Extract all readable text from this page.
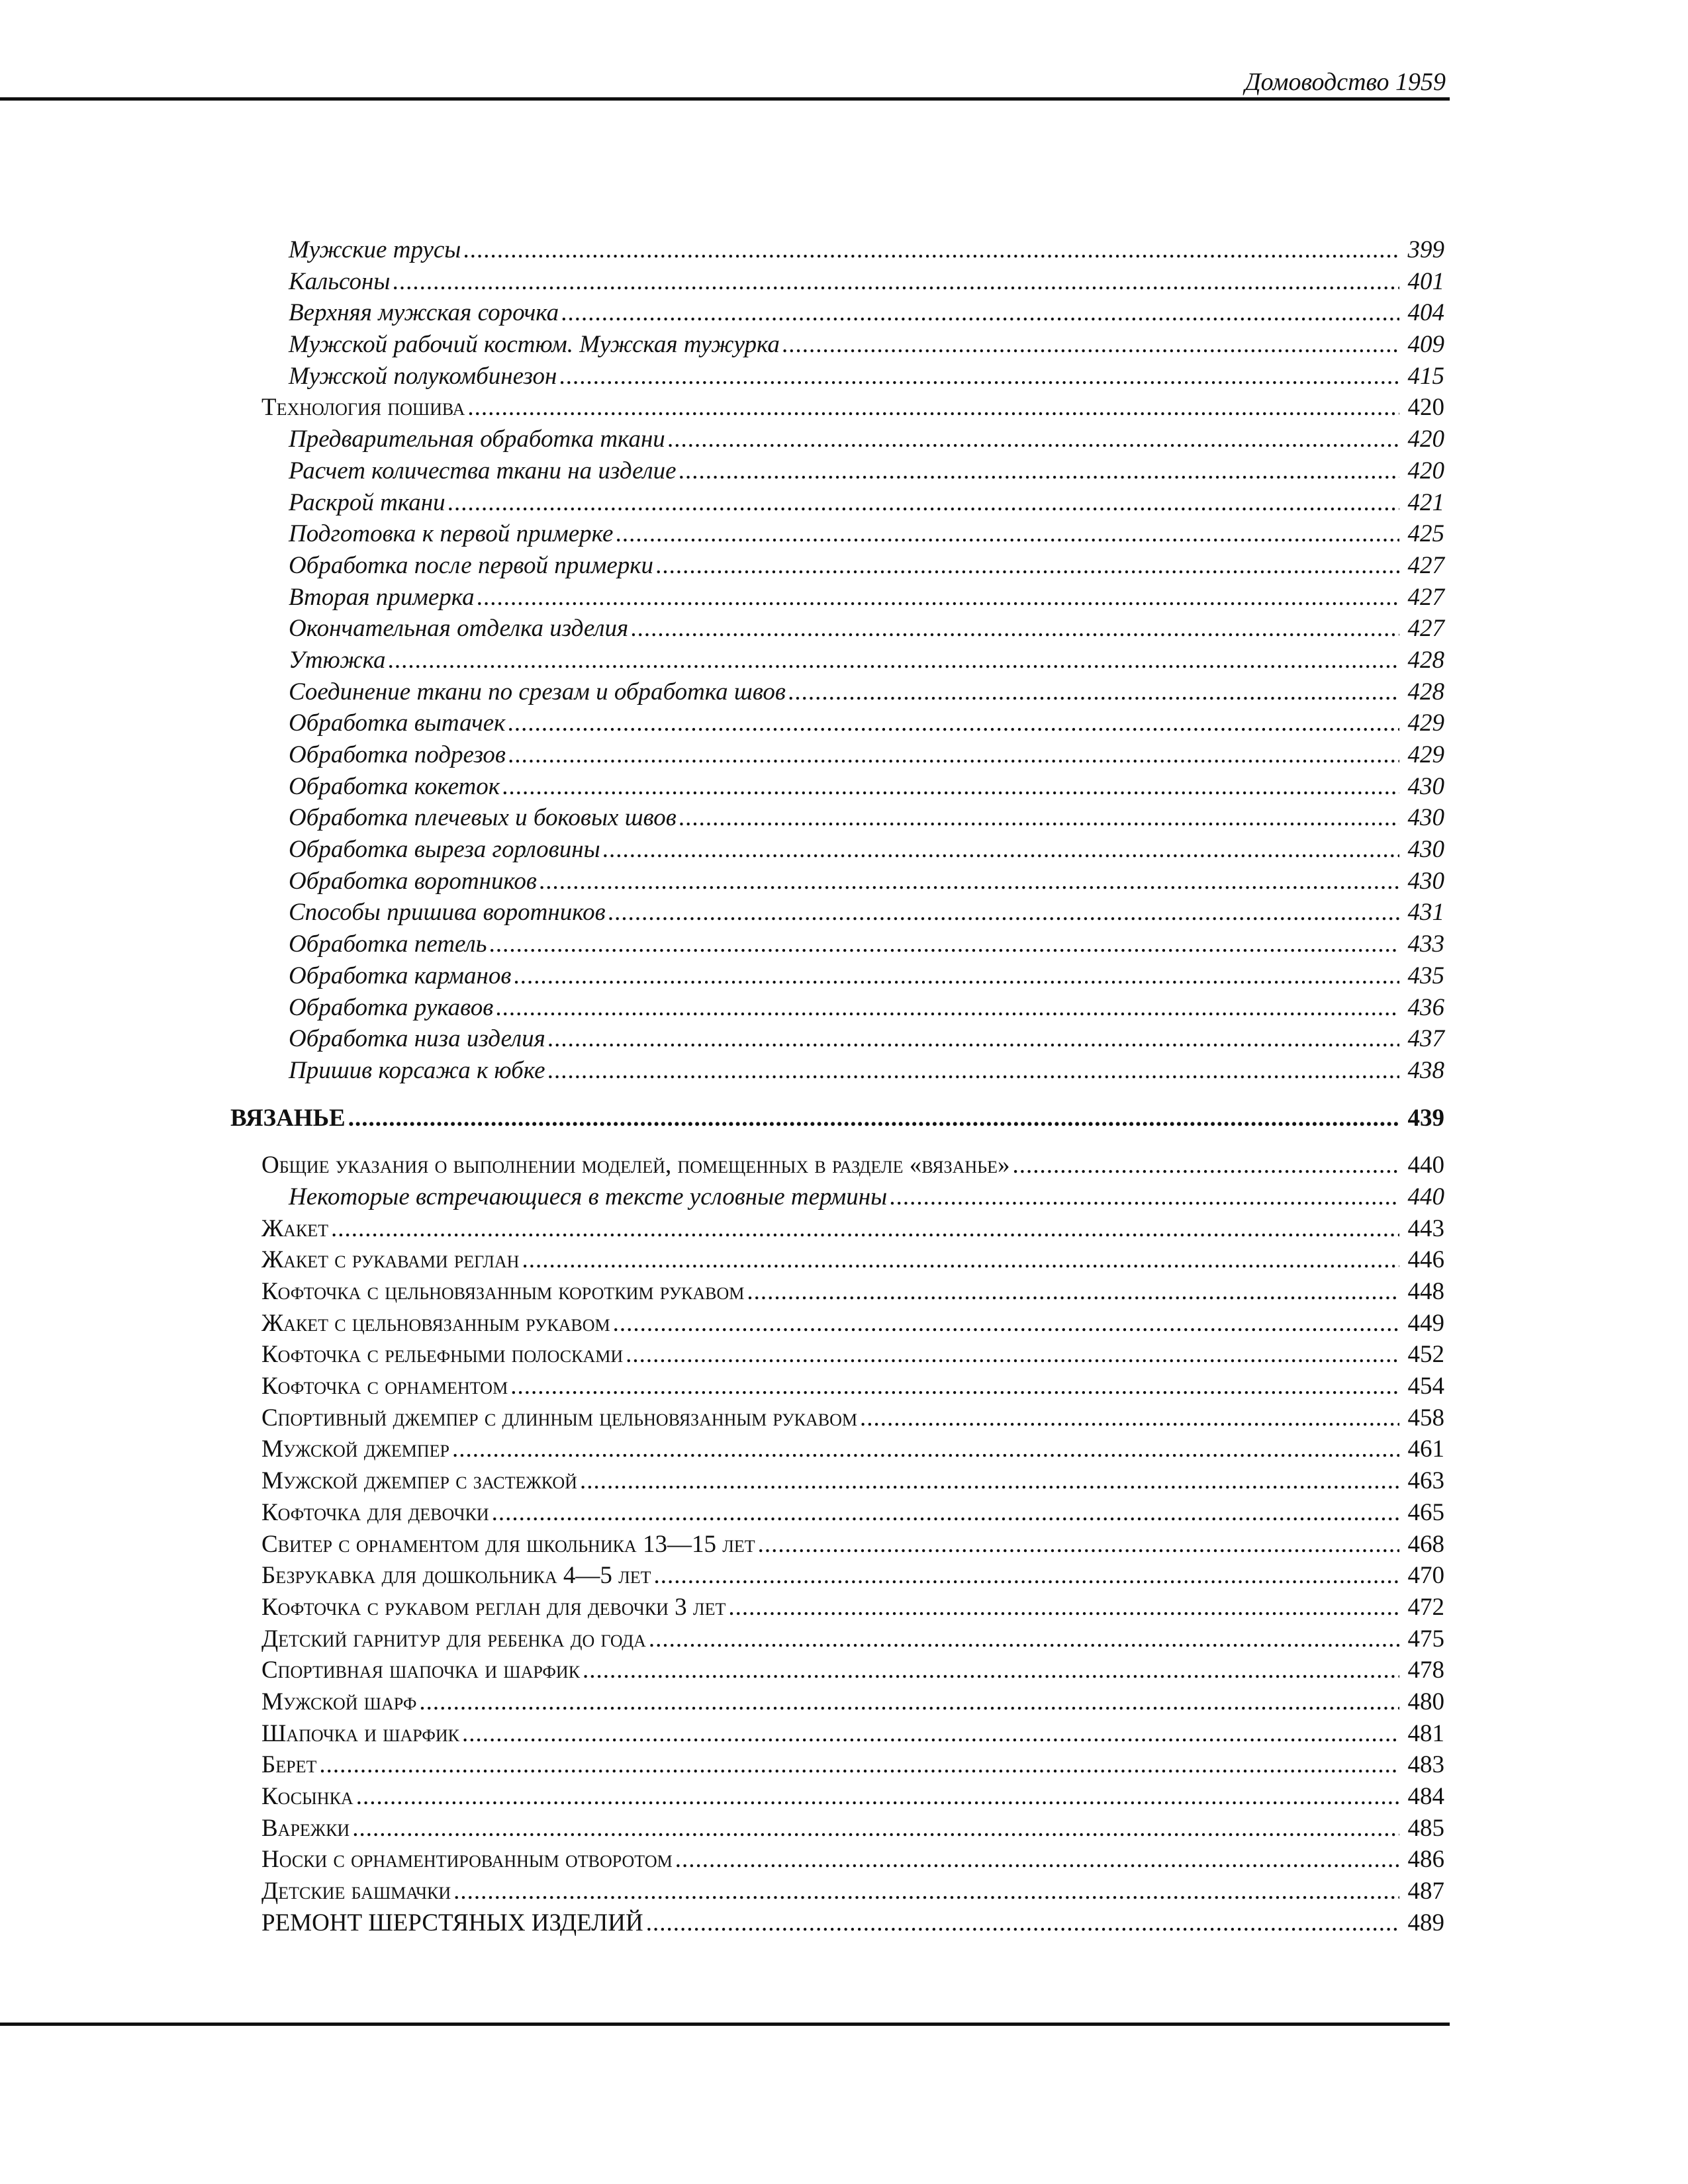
Домоводство 1959
Мужские трусы .....	399
Кальсоны .....	401
Верхняя мужская сорочка .....	404
Мужской рабочий костюм. Мужская тужурка .....	409
Мужской полукомбинезон .....	415
Технология пошива .....	420
Предварительная обработка ткани .....	420
Расчет количества ткани на изделие .....	420
Раскрой ткани .....	421
Подготовка к первой примерке .....	425
Обработка после первой примерки .....	427
Вторая примерка .....	427
Окончательная отделка изделия .....	427
Утюжка .....	428
Соединение ткани по срезам и обработка швов .....	428
Обработка вытачек .....	429
Обработка подрезов .....	429
Обработка кокеток .....	430
Обработка плечевых и боковых швов .....	430
Обработка выреза горловины .....	430
Обработка воротников .....	430
Способы пришива воротников .....	431
Обработка петель .....	433
Обработка карманов .....	435
Обработка рукавов .....	436
Обработка низа изделия .....	437
Пришив корсажа к юбке .....	438
ВЯЗАНЬЕ .....	439
Общие указания о выполнении моделей, помещенных в разделе «вязанье» .....	440
Некоторые встречающиеся в тексте условные термины .....	440
Жакет .....	443
Жакет с рукавами реглан .....	446
Кофточка с цельновязанным коротким рукавом .....	448
Жакет с цельновязанным рукавом .....	449
Кофточка с рельефными полосками .....	452
Кофточка с орнаментом .....	454
Спортивный джемпер с длинным цельновязанным рукавом .....	458
Мужской джемпер .....	461
Мужской джемпер с застежкой .....	463
Кофточка для девочки .....	465
Свитер с орнаментом для школьника 13—15 лет .....	468
Безрукавка для дошкольника 4—5 лет .....	470
Кофточка с рукавом реглан для девочки 3 лет .....	472
Детский гарнитур для ребенка до года .....	475
Спортивная шапочка и шарфик .....	478
Мужской шарф .....	480
Шапочка и шарфик .....	481
Берет .....	483
Косынка .....	484
Варежки .....	485
Носки с орнаментированным отворотом .....	486
Детские башмачки .....	487
РЕМОНТ ШЕРСТЯНЫХ ИЗДЕЛИЙ .....	489
